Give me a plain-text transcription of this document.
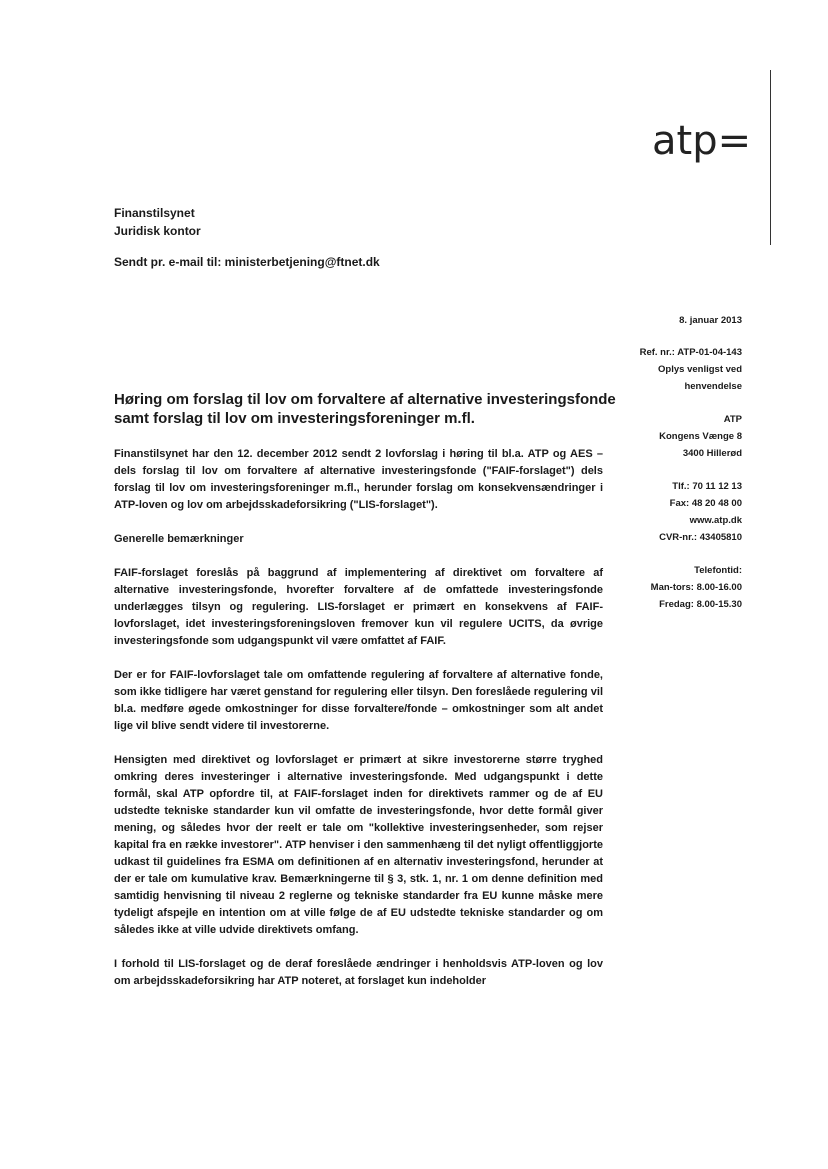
atp=
Finanstilsynet
Juridisk kontor
Sendt pr. e-mail til: ministerbetjening@ftnet.dk
8. januar 2013
Ref. nr.: ATP-01-04-143
Oplys venligst ved
henvendelse
ATP
Kongens Vænge 8
3400 Hillerød
Tlf.: 70 11 12 13
Fax: 48 20 48 00
www.atp.dk
CVR-nr.: 43405810
Telefontid:
Man-tors: 8.00-16.00
Fredag: 8.00-15.30
Høring om forslag til lov om forvaltere af alternative investeringsfonde samt forslag til lov om investeringsforeninger m.fl.

Finanstilsynet har den 12. december 2012 sendt 2 lovforslag i høring til bl.a. ATP og AES – dels forslag til lov om forvaltere af alternative investeringsfonde ("FAIF-forslaget") dels forslag til lov om investeringsforeninger m.fl., herunder forslag om konsekvensændringer i ATP-loven og lov om arbejdsskadeforsikring ("LIS-forslaget").

Generelle bemærkninger

FAIF-forslaget foreslås på baggrund af implementering af direktivet om forvaltere af alternative investeringsfonde, hvorefter forvaltere af de omfattede investeringsfonde underlægges tilsyn og regulering. LIS-forslaget er primært en konsekvens af FAIF-lovforslaget, idet investeringsforeningsloven fremover kun vil regulere UCITS, da øvrige investeringsfonde som udgangspunkt vil være omfattet af FAIF.

Der er for FAIF-lovforslaget tale om omfattende regulering af forvaltere af alternative fonde, som ikke tidligere har været genstand for regulering eller tilsyn. Den foreslåede regulering vil bl.a. medføre øgede omkostninger for disse forvaltere/fonde – omkostninger som alt andet lige vil blive sendt videre til investorerne.

Hensigten med direktivet og lovforslaget er primært at sikre investorerne større tryghed omkring deres investeringer i alternative investeringsfonde. Med udgangspunkt i dette formål, skal ATP opfordre til, at FAIF-forslaget inden for direktivets rammer og de af EU udstedte tekniske standarder kun vil omfatte de investeringsfonde, hvor dette formål giver mening, og således hvor der reelt er tale om "kollektive investeringsenheder, som rejser kapital fra en række investorer". ATP henviser i den sammenhæng til det nyligt offentliggjorte udkast til guidelines fra ESMA om definitionen af en alternativ investeringsfond, herunder at der er tale om kumulative krav. Bemærkningerne til § 3, stk. 1, nr. 1 om denne definition med samtidig henvisning til niveau 2 reglerne og tekniske standarder fra EU kunne måske mere tydeligt afspejle en intention om at ville følge de af EU udstedte tekniske standarder og om således ikke at ville udvide direktivets omfang.

I forhold til LIS-forslaget og de deraf foreslåede ændringer i henholdsvis ATP-loven og lov om arbejdsskadeforsikring har ATP noteret, at forslaget kun indeholder
